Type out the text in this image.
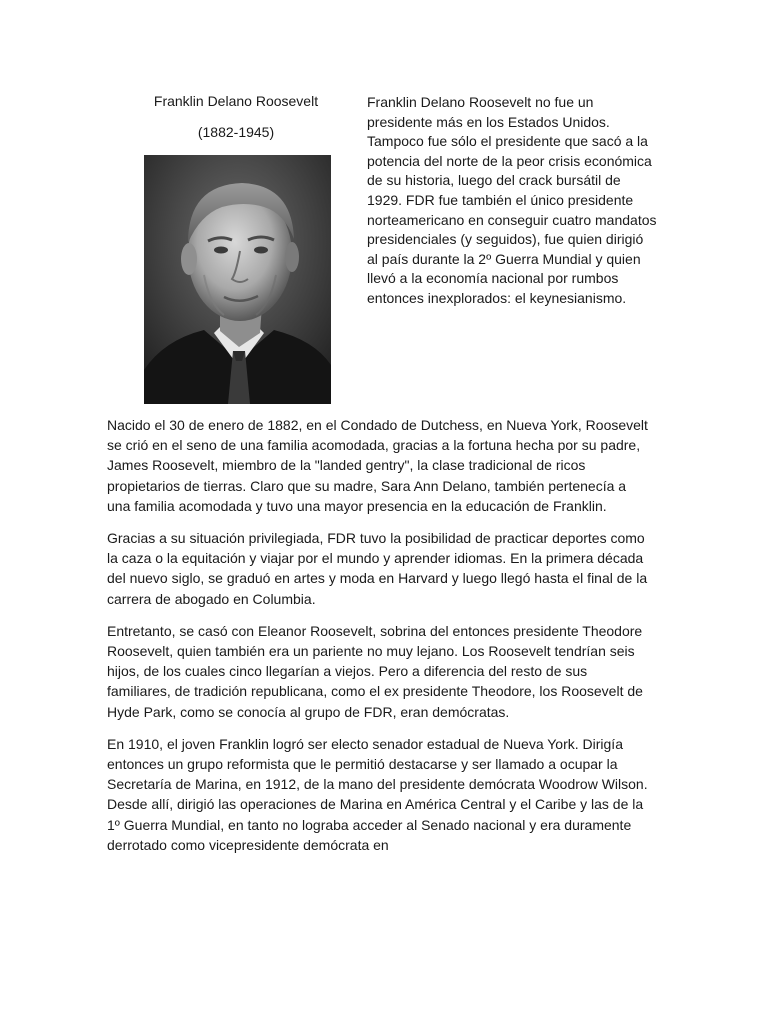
Franklin Delano Roosevelt
(1882-1945)

Franklin Delano Roosevelt no fue un presidente más en los Estados Unidos. Tampoco fue sólo el presidente que sacó a la potencia del norte de la peor crisis económica de su historia, luego del crack bursátil de 1929. FDR fue también el único presidente norteamericano en conseguir cuatro mandatos presidenciales (y seguidos), fue quien dirigió al país durante la 2º Guerra Mundial y quien llevó a la economía nacional por rumbos entonces inexplorados: el keynesianismo.

Nacido el 30 de enero de 1882, en el Condado de Dutchess, en Nueva York, Roosevelt se crió en el seno de una familia acomodada, gracias a la fortuna hecha por su padre, James Roosevelt, miembro de la "landed gentry", la clase tradicional de ricos propietarios de tierras. Claro que su madre, Sara Ann Delano, también pertenecía a una familia acomodada y tuvo una mayor presencia en la educación de Franklin.

Gracias a su situación privilegiada, FDR tuvo la posibilidad de practicar deportes como la caza o la equitación y viajar por el mundo y aprender idiomas. En la primera década del nuevo siglo, se graduó en artes y moda en Harvard y luego llegó hasta el final de la carrera de abogado en Columbia.

Entretanto, se casó con Eleanor Roosevelt, sobrina del entonces presidente Theodore Roosevelt, quien también era un pariente no muy lejano. Los Roosevelt tendrían seis hijos, de los cuales cinco llegarían a viejos. Pero a diferencia del resto de sus familiares, de tradición republicana, como el ex presidente Theodore, los Roosevelt de Hyde Park, como se conocía al grupo de FDR, eran demócratas.

En 1910, el joven Franklin logró ser electo senador estadual de Nueva York. Dirigía entonces un grupo reformista que le permitió destacarse y ser llamado a ocupar la Secretaría de Marina, en 1912, de la mano del presidente demócrata Woodrow Wilson. Desde allí, dirigió las operaciones de Marina en América Central y el Caribe y las de la 1º Guerra Mundial, en tanto no lograba acceder al Senado nacional y era duramente derrotado como vicepresidente demócrata en
